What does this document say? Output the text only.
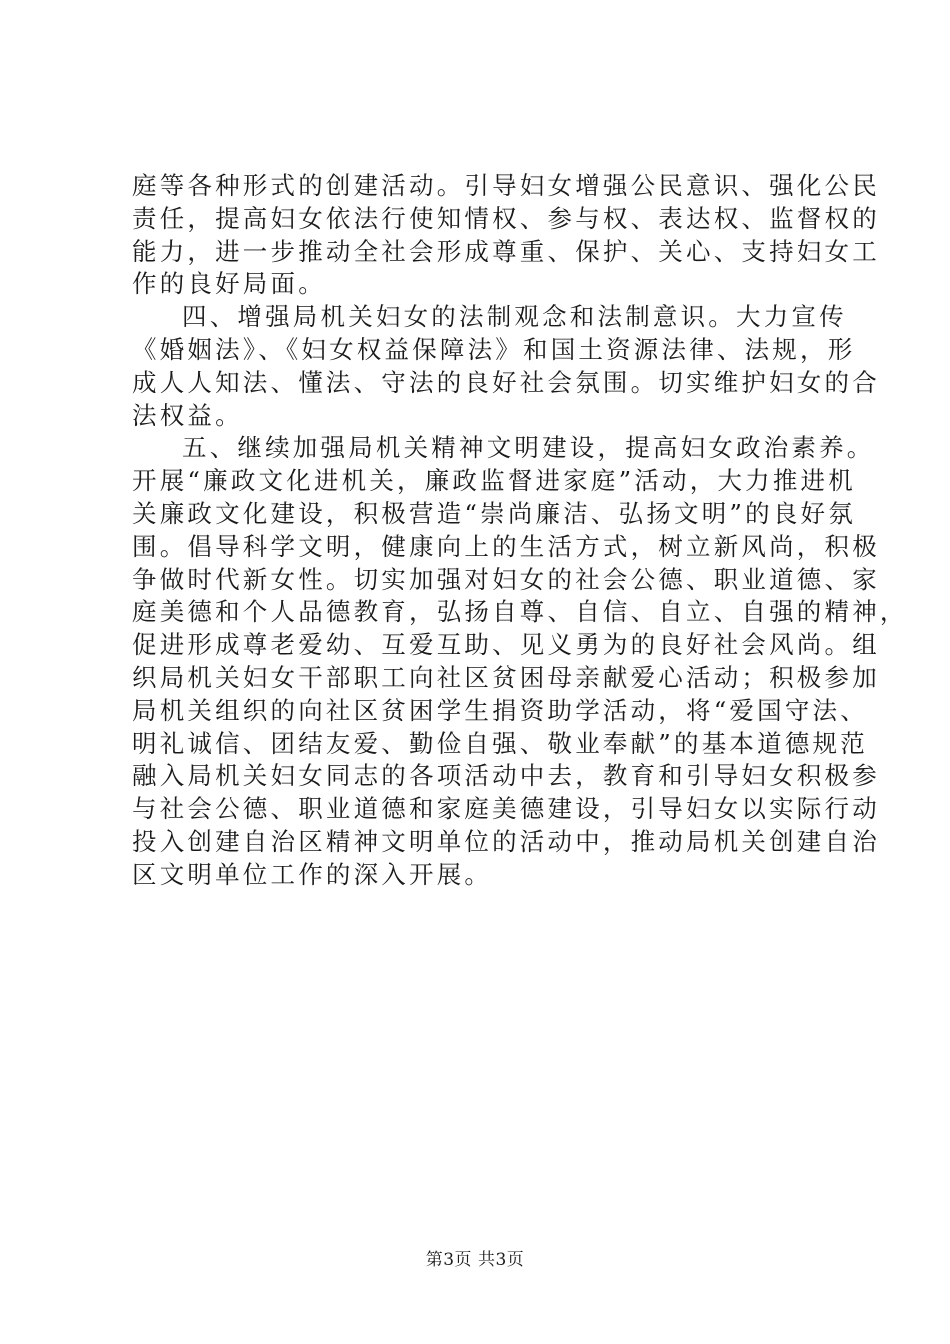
庭等各种形式的创建活动。引导妇女增强公民意识、强化公民
责任，提高妇女依法行使知情权、参与权、表达权、监督权的
能力，进一步推动全社会形成尊重、保护、关心、支持妇女工
作的良好局面。
四、增强局机关妇女的法制观念和法制意识。大力宣传
《婚姻法》、《妇女权益保障法》和国土资源法律、法规，形
成人人知法、懂法、守法的良好社会氛围。切实维护妇女的合
法权益。
五、继续加强局机关精神文明建设，提高妇女政治素养。
开展“廉政文化进机关，廉政监督进家庭”活动，大力推进机
关廉政文化建设，积极营造“崇尚廉洁、弘扬文明”的良好氛
围。倡导科学文明，健康向上的生活方式，树立新风尚，积极
争做时代新女性。切实加强对妇女的社会公德、职业道德、家
庭美德和个人品德教育，弘扬自尊、自信、自立、自强的精神，
促进形成尊老爱幼、互爱互助、见义勇为的良好社会风尚。组
织局机关妇女干部职工向社区贫困母亲献爱心活动；积极参加
局机关组织的向社区贫困学生捐资助学活动，将“爱国守法、
明礼诚信、团结友爱、勤俭自强、敬业奉献”的基本道德规范
融入局机关妇女同志的各项活动中去，教育和引导妇女积极参
与社会公德、职业道德和家庭美德建设，引导妇女以实际行动
投入创建自治区精神文明单位的活动中，推动局机关创建自治
区文明单位工作的深入开展。
第3页 共3页
